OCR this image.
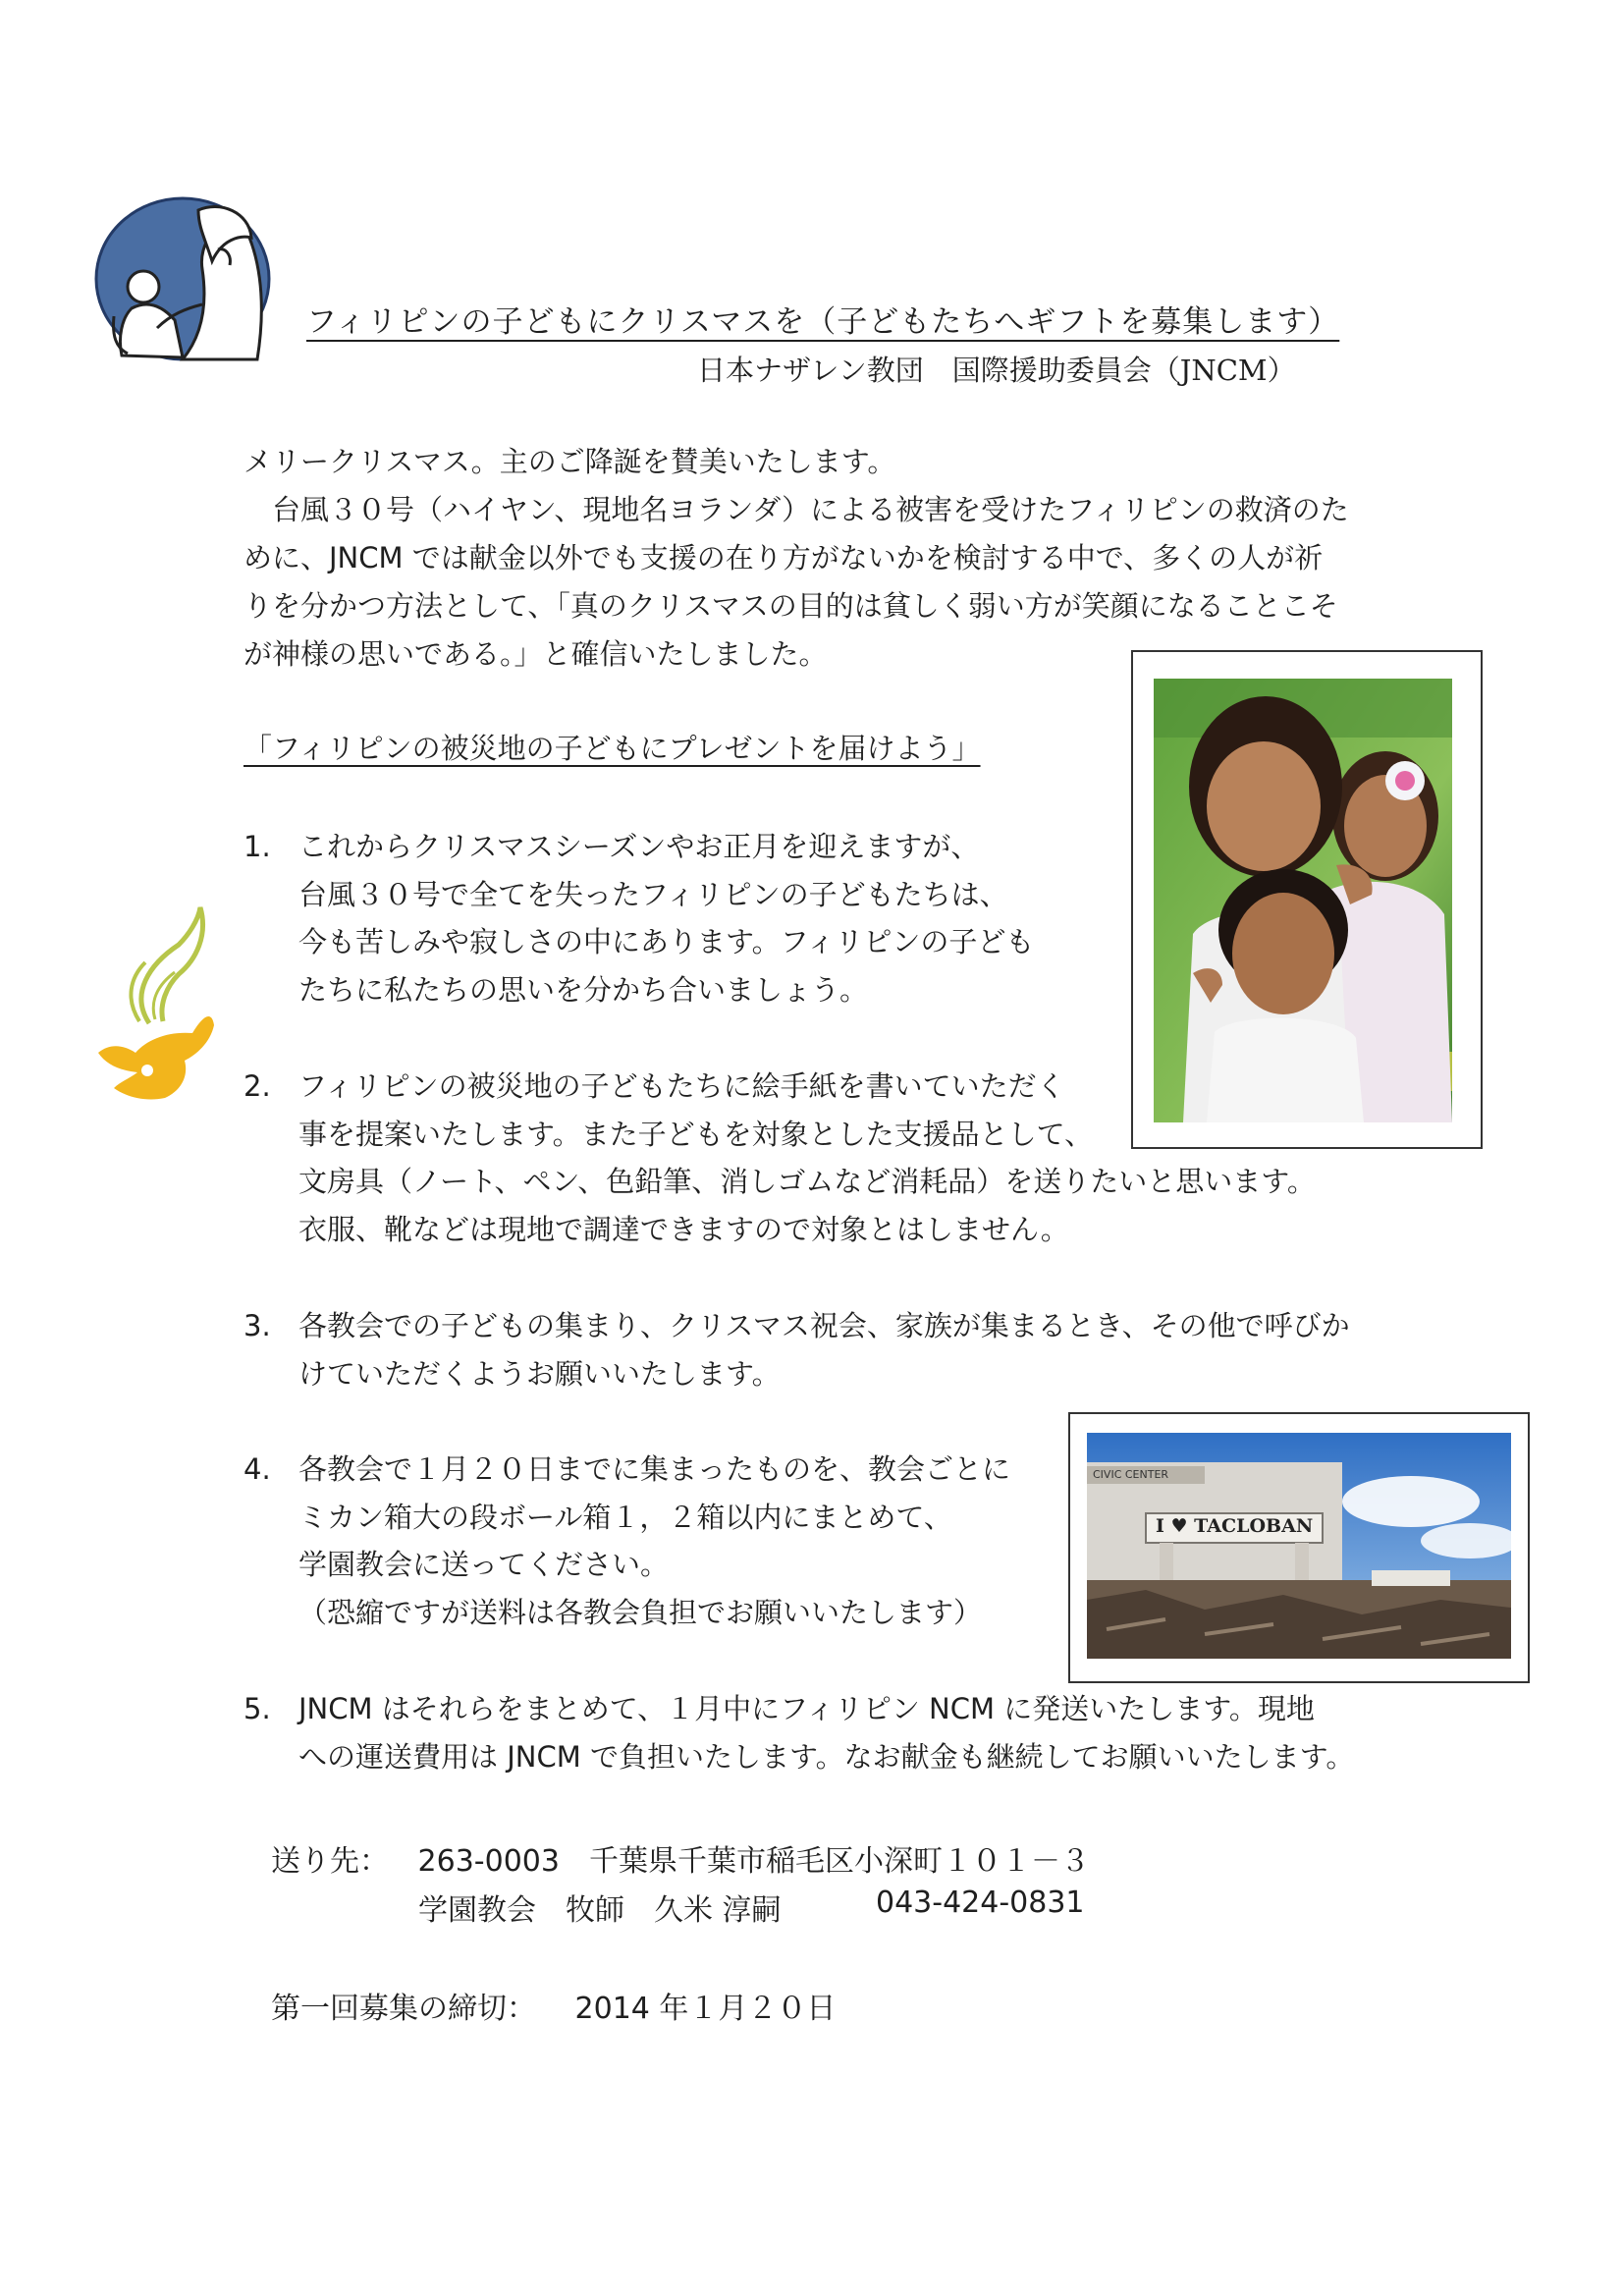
フィリピンの子どもにクリスマスを（子どもたちへギフトを募集します）
日本ナザレン教団　国際援助委員会（JNCM）
メリークリスマス。主のご降誕を賛美いたします。
　台風３０号（ハイヤン、現地名ヨランダ）による被害を受けたフィリピンの救済のた
めに、JNCM では献金以外でも支援の在り方がないかを検討する中で、多くの人が祈
りを分かつ方法として、「真のクリスマスの目的は貧しく弱い方が笑顔になることこそ
が神様の思いである。」と確信いたしました。
「フィリピンの被災地の子どもにプレゼントを届けよう」
1. これからクリスマスシーズンやお正月を迎えますが、
台風３０号で全てを失ったフィリピンの子どもたちは、
今も苦しみや寂しさの中にあります。フィリピンの子ども
たちに私たちの思いを分かち合いましょう。
2. フィリピンの被災地の子どもたちに絵手紙を書いていただく
事を提案いたします。また子どもを対象とした支援品として、
文房具（ノート、ペン、色鉛筆、消しゴムなど消耗品）を送りたいと思います。
衣服、靴などは現地で調達できますので対象とはしません。
3. 各教会での子どもの集まり、クリスマス祝会、家族が集まるとき、その他で呼びか
けていただくようお願いいたします。
4. 各教会で１月２０日までに集まったものを、教会ごとに
ミカン箱大の段ボール箱１，２箱以内にまとめて、
学園教会に送ってください。
（恐縮ですが送料は各教会負担でお願いいたします）
5. JNCM はそれらをまとめて、１月中にフィリピン NCM に発送いたします。現地
への運送費用は JNCM で負担いたします。なお献金も継続してお願いいたします。
I ♥ TACLOBAN
CIVIC CENTER
送り先： 263-0003　千葉県千葉市稲毛区小深町１０１－３
学園教会　牧師　久米 淳嗣	043-424-0831
第一回募集の締切： 2014 年１月２０日
